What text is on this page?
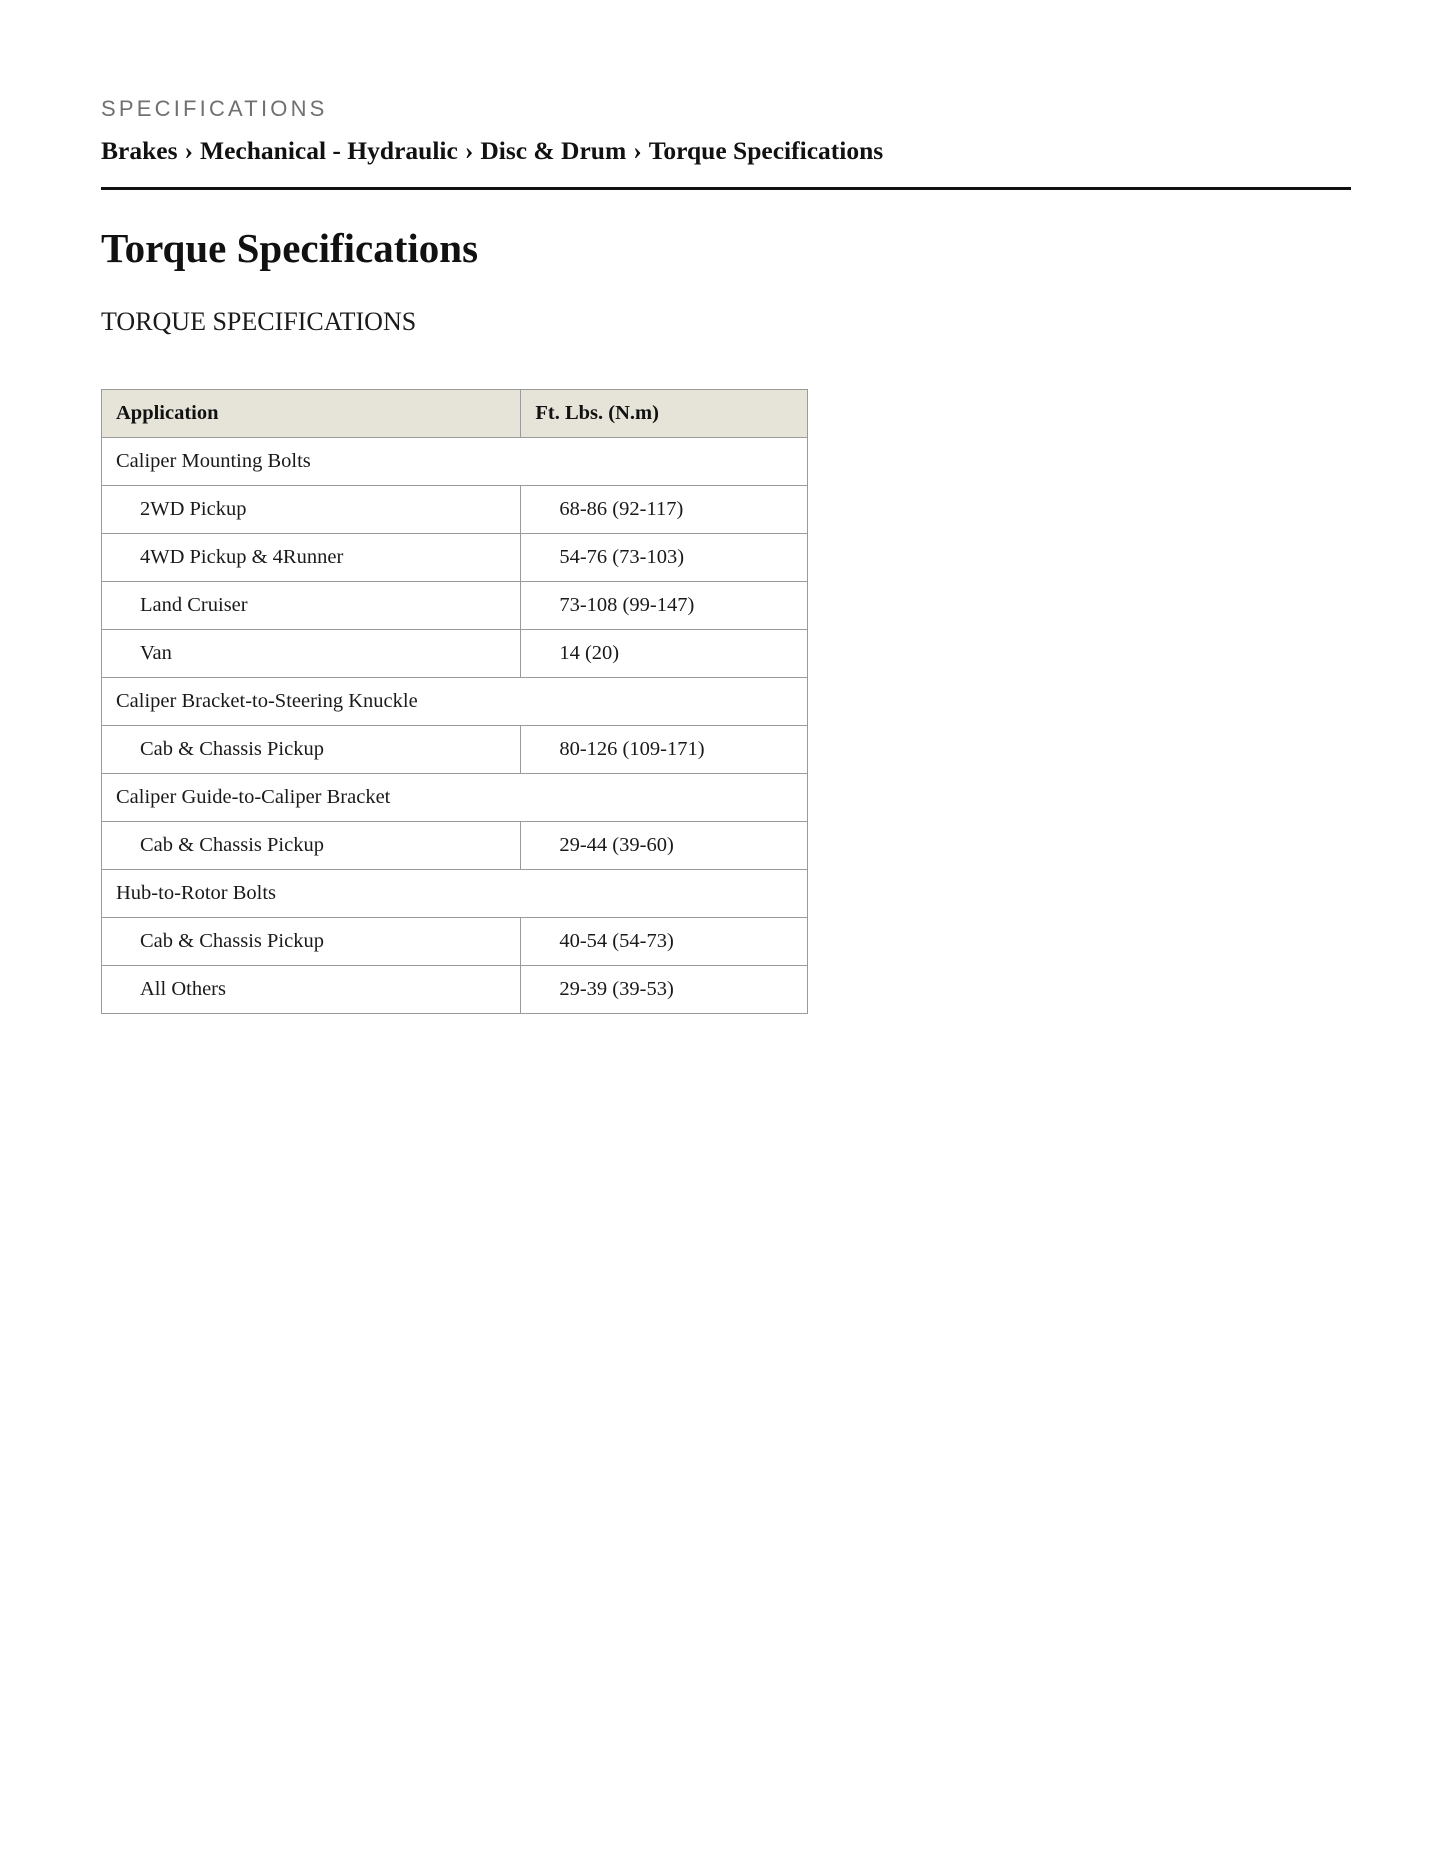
SPECIFICATIONS
Brakes › Mechanical - Hydraulic › Disc & Drum › Torque Specifications
Torque Specifications
TORQUE SPECIFICATIONS
Application	Ft. Lbs. (N.m)
Caliper Mounting Bolts	
2WD Pickup	68-86 (92-117)
4WD Pickup & 4Runner	54-76 (73-103)
Land Cruiser	73-108 (99-147)
Van	14 (20)
Caliper Bracket-to-Steering Knuckle	
Cab & Chassis Pickup	80-126 (109-171)
Caliper Guide-to-Caliper Bracket	
Cab & Chassis Pickup	29-44 (39-60)
Hub-to-Rotor Bolts	
Cab & Chassis Pickup	40-54 (54-73)
All Others	29-39 (39-53)
